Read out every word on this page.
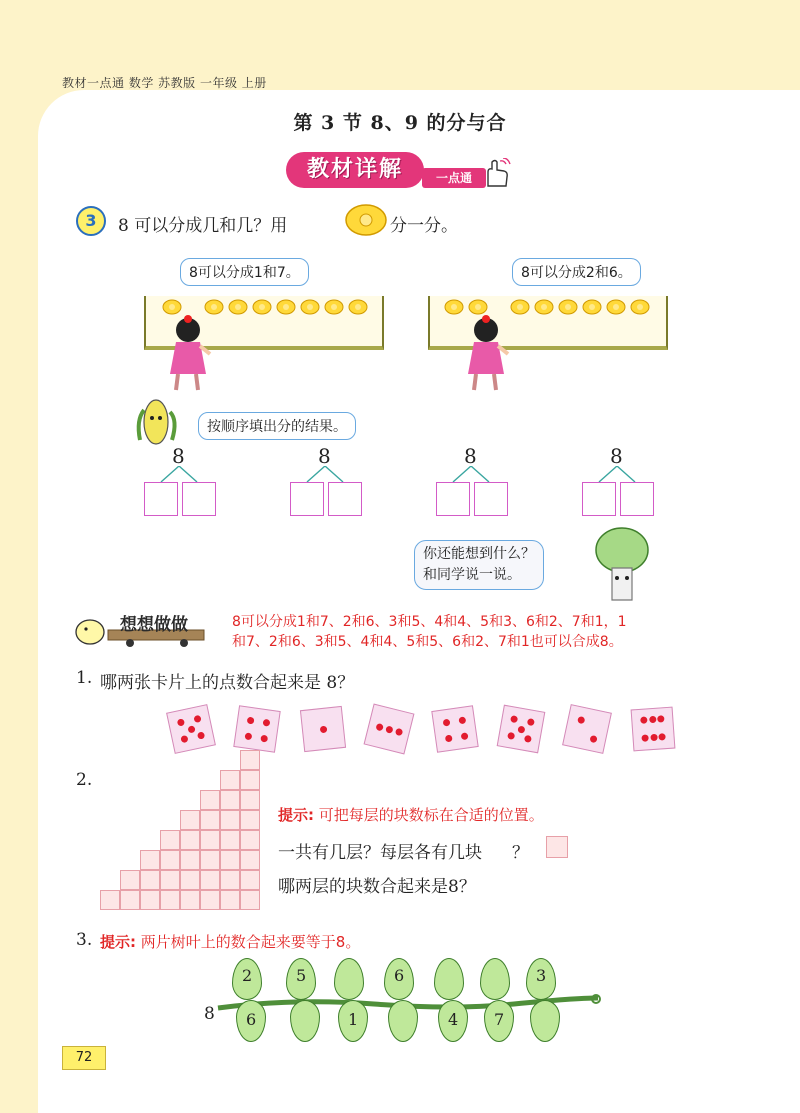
教材一点通 数学 苏教版 一年级 上册
第 3 节 8、9 的分与合
教材详解	一点通
3	8 可以分成几和几？用	分一分。
8可以分成1和7。	8可以分成2和6。
按顺序填出分的结果。
8	8	8	8
你还能想到什么？
和同学说一说。
想想做做	8可以分成1和7、2和6、3和5、4和4、5和3、6和2、7和1，1
和7、2和6、3和5、4和4、5和5、6和2、7和1也可以合成8。
1. 哪两张卡片上的点数合起来是 8？
2.
提示: 可把每层的块数标在合适的位置。
一共有几层？每层各有几块 ？
哪两层的块数合起来是8？
3. 提示: 两片树叶上的数合起来要等于8。
8
2	5	6	3
6	1	4 7
72
